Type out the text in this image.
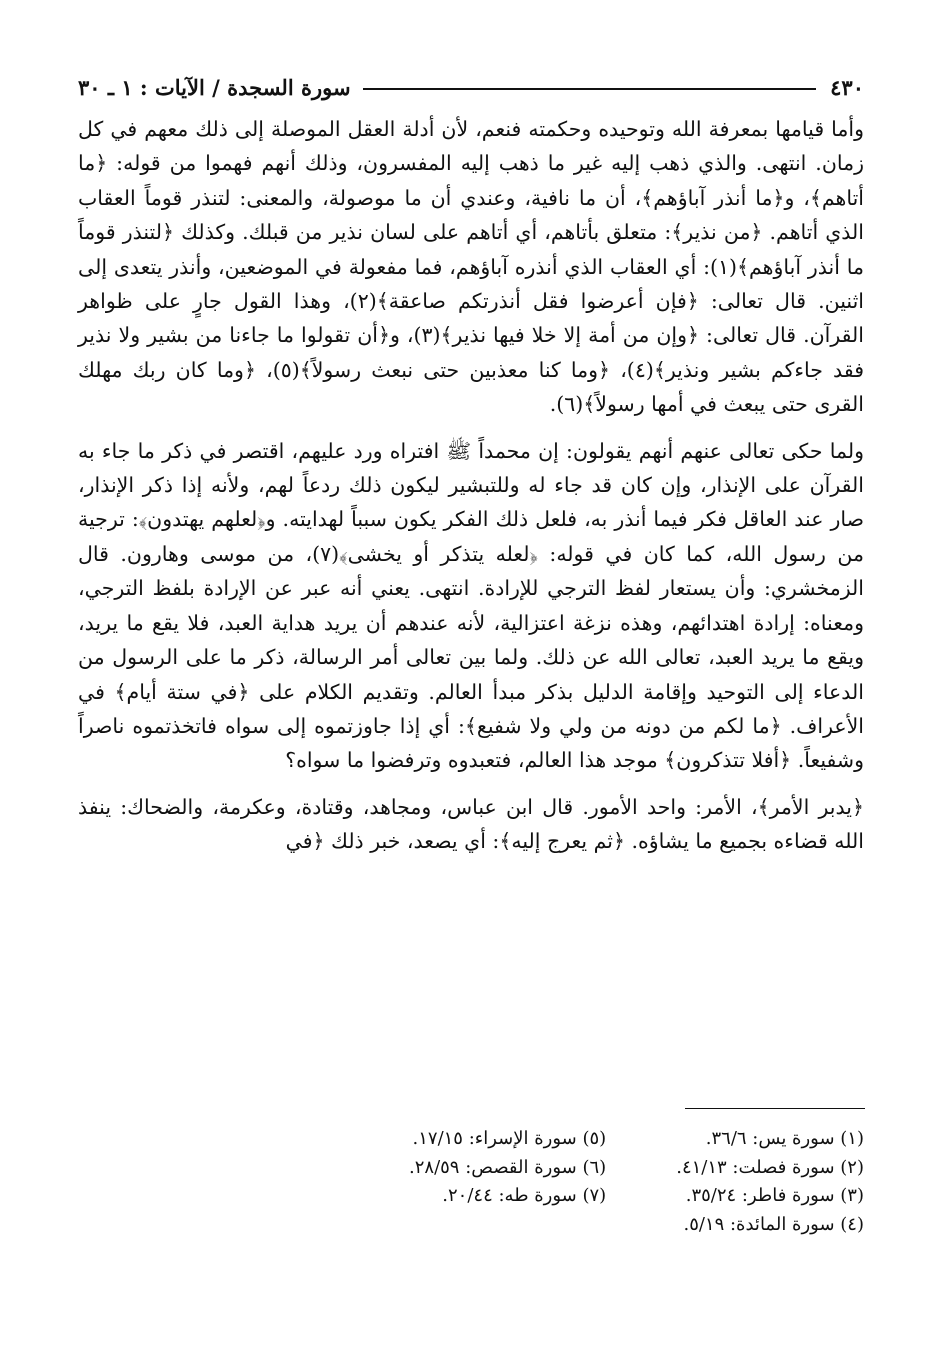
٤٣٠
سورة السجدة / الآيات : ١ ـ ٣٠

وأما قيامها بمعرفة الله وتوحيده وحكمته فنعم، لأن أدلة العقل الموصلة إلى ذلك معهم في كل زمان. انتهى. والذي ذهب إليه غير ما ذهب إليه المفسرون، وذلك أنهم فهموا من قوله: ﴿ما أتاهم﴾، و﴿ما أنذر آباؤهم﴾، أن ما نافية، وعندي أن ما موصولة، والمعنى: لتنذر قوماً العقاب الذي أتاهم. ﴿من نذير﴾: متعلق بأتاهم، أي أتاهم على لسان نذير من قبلك. وكذلك ﴿لتنذر قوماً ما أنذر آباؤهم﴾(١): أي العقاب الذي أنذره آباؤهم، فما مفعولة في الموضعين، وأنذر يتعدى إلى اثنين. قال تعالى: ﴿فإن أعرضوا فقل أنذرتكم صاعقة﴾(٢)، وهذا القول جارٍ على ظواهر القرآن. قال تعالى: ﴿وإن من أمة إلا خلا فيها نذير﴾(٣)، و﴿أن تقولوا ما جاءنا من بشير ولا نذير فقد جاءكم بشير ونذير﴾(٤)، ﴿وما كنا معذبين حتى نبعث رسولاً﴾(٥)، ﴿وما كان ربك مهلك القرى حتى يبعث في أمها رسولاً﴾(٦).

ولما حكى تعالى عنهم أنهم يقولون: إن محمداً ﷺ افتراه ورد عليهم، اقتصر في ذكر ما جاء به القرآن على الإنذار، وإن كان قد جاء له وللتبشير ليكون ذلك ردعاً لهم، ولأنه إذا ذكر الإنذار، صار عند العاقل فكر فيما أنذر به، فلعل ذلك الفكر يكون سبباً لهدايته. و﴿لعلهم يهتدون﴾: ترجية من رسول الله، كما كان في قوله: ﴿لعله يتذكر أو يخشى﴾(٧)، من موسى وهارون. قال الزمخشري: وأن يستعار لفظ الترجي للإرادة. انتهى. يعني أنه عبر عن الإرادة بلفظ الترجي، ومعناه: إرادة اهتدائهم، وهذه نزغة اعتزالية، لأنه عندهم أن يريد هداية العبد، فلا يقع ما يريد، ويقع ما يريد العبد، تعالى الله عن ذلك. ولما بين تعالى أمر الرسالة، ذكر ما على الرسول من الدعاء إلى التوحيد وإقامة الدليل بذكر مبدأ العالم. وتقديم الكلام على ﴿في ستة أيام﴾ في الأعراف. ﴿ما لكم من دونه من ولي ولا شفيع﴾: أي إذا جاوزتموه إلى سواه فاتخذتموه ناصراً وشفيعاً. ﴿أفلا تتذكرون﴾ موجد هذا العالم، فتعبدوه وترفضوا ما سواه؟

﴿يدبر الأمر﴾، الأمر: واحد الأمور. قال ابن عباس، ومجاهد، وقتادة، وعكرمة، والضحاك: ينفذ الله قضاءه بجميع ما يشاؤه. ﴿ثم يعرج إليه﴾: أي يصعد، خبر ذلك ﴿في

(١) سورة يس: ٣٦/٦.
(٢) سورة فصلت: ٤١/١٣.
(٣) سورة فاطر: ٣٥/٢٤.
(٤) سورة المائدة: ٥/١٩.
(٥) سورة الإسراء: ١٧/١٥.
(٦) سورة القصص: ٢٨/٥٩.
(٧) سورة طه: ٢٠/٤٤.
